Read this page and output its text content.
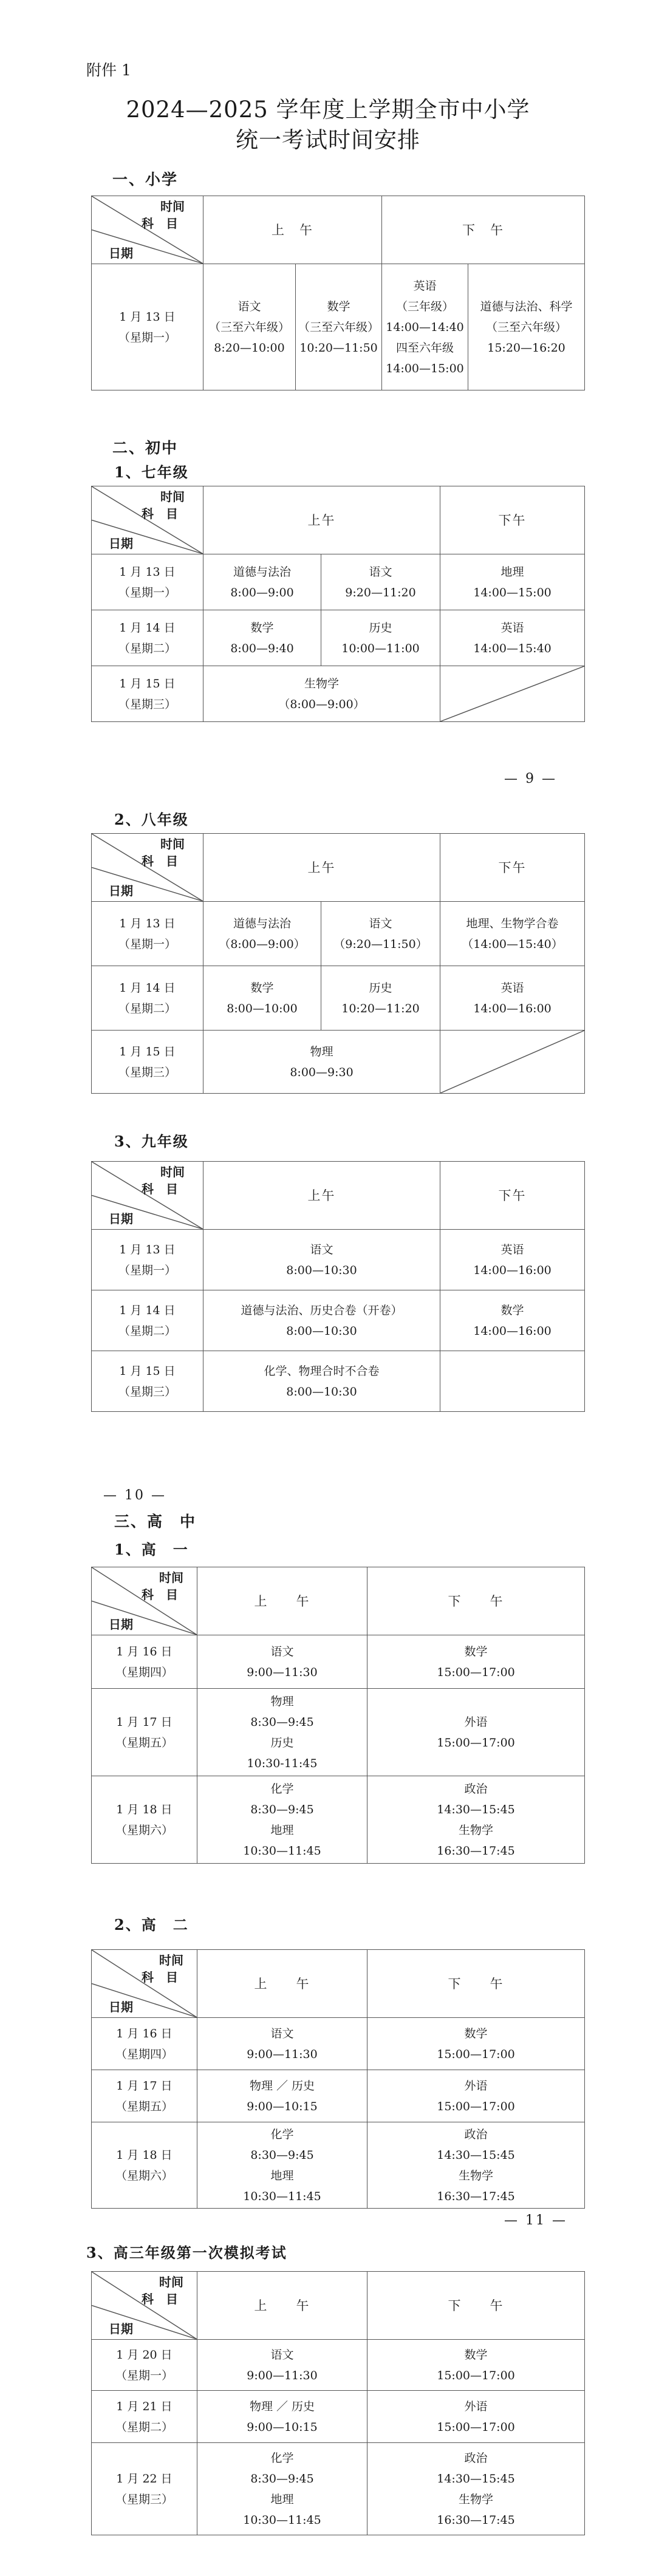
附件 1
2024—2025 学年度上学期全市中小学
统一考试时间安排
一、小学
时间
科　目
日期	上　午		下　午	

1 月 13 日
（星期一）	语文
（三至六年级）
8:20—10:00	数学
（三至六年级）
10:20—11:50	英语
（三年级）
14:00—14:40
四至六年级
14:00—15:00	道德与法治、科学
（三至六年级）
15:20—16:20
二、初中
1、七年级
时间
科　目
日期	上午		下午

1 月 13 日
（星期一）	道德与法治
8:00—9:00	语文
9:20—11:20	地理
14:00—15:00

1 月 14 日
（星期二）	数学
8:00—9:40	历史
10:00—11:00	英语
14:00—15:40

1 月 15 日
（星期三）	生物学
（8:00—9:00）

— 9 —
2、八年级
时间
科　目
日期	上午		下午

1 月 13 日
（星期一）	道德与法治
（8:00—9:00）	语文
（9:20—11:50）	地理、生物学合卷
（14:00—15:40）

1 月 14 日
（星期二）	数学
8:00—10:00	历史
10:20—11:20	英语
14:00—16:00

1 月 15 日
（星期三）	物理
8:00—9:30

3、九年级
时间
科　目
日期	上午	下午

1 月 13 日
（星期一）	语文
8:00—10:30	英语
14:00—16:00

1 月 14 日
（星期二）	道德与法治、历史合卷（开卷）
8:00—10:30	数学
14:00—16:00

1 月 15 日
（星期三）	化学、物理合时不合卷
8:00—10:30	

— 10 —
三、高　中
1、高　一
时间
科　目
日期	上　　午	下　　午

1 月 16 日
（星期四）	语文
9:00—11:30	数学
15:00—17:00

1 月 17 日
（星期五）	物理
8:30—9:45
历史
10:30-11:45	外语
15:00—17:00

1 月 18 日
（星期六）	化学
8:30—9:45
地理
10:30—11:45	政治
14:30—15:45
生物学
16:30—17:45
2、高　二
时间
科　目
日期	上　　午	下　　午

1 月 16 日
（星期四）	语文
9:00—11:30	数学
15:00—17:00

1 月 17 日
（星期五）	物理 ／ 历史
9:00—10:15	外语
15:00—17:00

1 月 18 日
（星期六）	化学
8:30—9:45
地理
10:30—11:45	政治
14:30—15:45
生物学
16:30—17:45
— 11 —
3、高三年级第一次模拟考试
时间
科　目
日期	上　　午	下　　午

1 月 20 日
（星期一）	语文
9:00—11:30	数学
15:00—17:00

1 月 21 日
（星期二）	物理 ／ 历史
9:00—10:15	外语
15:00—17:00

1 月 22 日
（星期三）	化学
8:30—9:45
地理
10:30—11:45	政治
14:30—15:45
生物学
16:30—17:45
